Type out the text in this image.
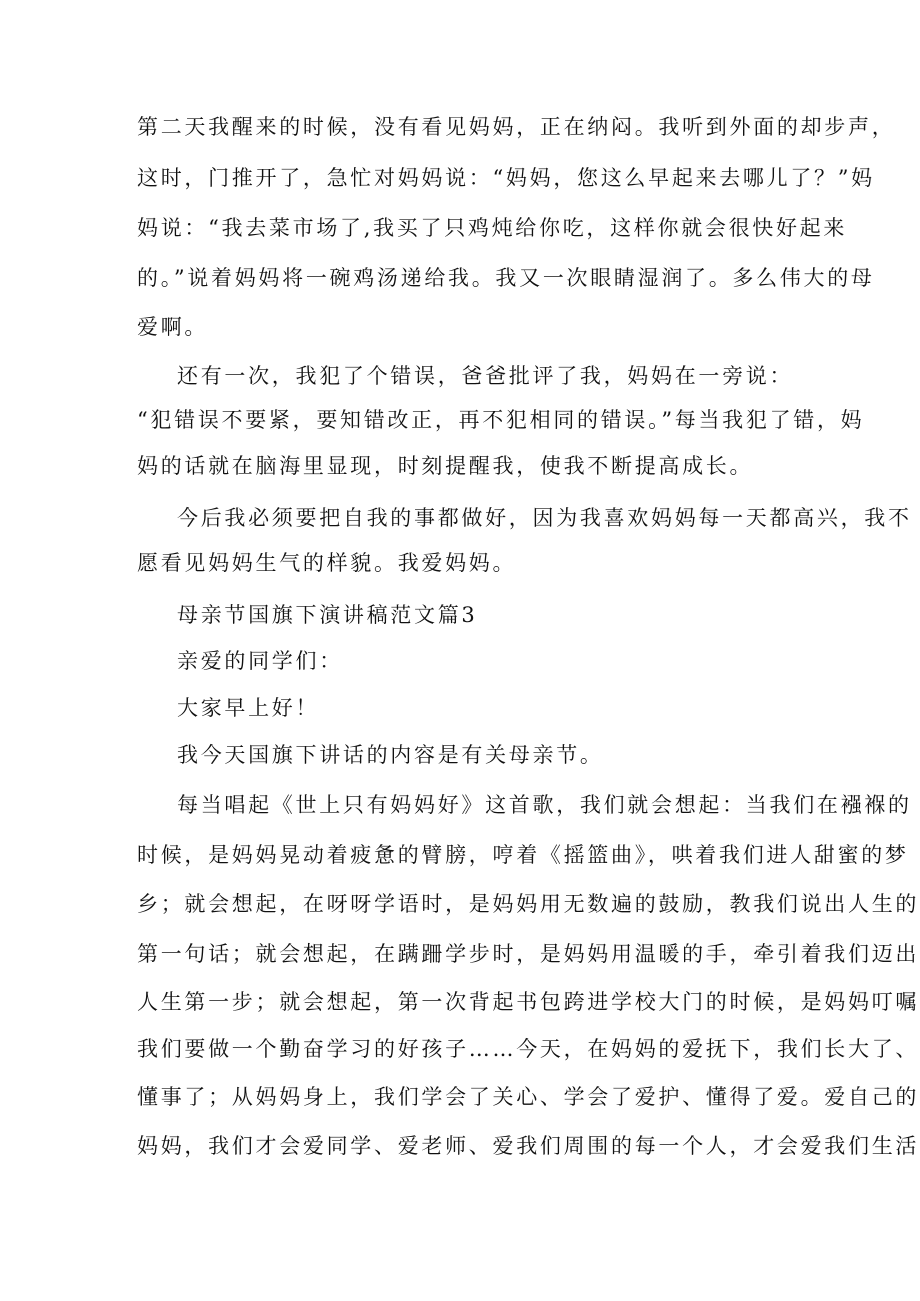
第二天我醒来的时候，没有看见妈妈，正在纳闷。我听到外面的却步声，
这时，门推开了，急忙对妈妈说：“妈妈，您这么早起来去哪儿了？”妈
妈说：“我去菜市场了,我买了只鸡炖给你吃，这样你就会很快好起来
的。”说着妈妈将一碗鸡汤递给我。我又一次眼睛湿润了。多么伟大的母
爱啊。
还有一次，我犯了个错误，爸爸批评了我，妈妈在一旁说：
“犯错误不要紧，要知错改正，再不犯相同的错误。”每当我犯了错，妈
妈的话就在脑海里显现，时刻提醒我，使我不断提高成长。
今后我必须要把自我的事都做好，因为我喜欢妈妈每一天都高兴，我不
愿看见妈妈生气的样貌。我爱妈妈。
母亲节国旗下演讲稿范文篇3
亲爱的同学们：
大家早上好！
我今天国旗下讲话的内容是有关母亲节。
每当唱起《世上只有妈妈好》这首歌，我们就会想起：当我们在襁褓的
时候，是妈妈晃动着疲惫的臂膀，哼着《摇篮曲》，哄着我们进人甜蜜的梦
乡；就会想起，在呀呀学语时，是妈妈用无数遍的鼓励，教我们说出人生的
第一句话；就会想起，在蹒跚学步时，是妈妈用温暖的手，牵引着我们迈出
人生第一步；就会想起，第一次背起书包跨进学校大门的时候，是妈妈叮嘱
我们要做一个勤奋学习的好孩子……今天，在妈妈的爱抚下，我们长大了、
懂事了；从妈妈身上，我们学会了关心、学会了爱护、懂得了爱。爱自己的
妈妈，我们才会爱同学、爱老师、爱我们周围的每一个人，才会爱我们生活
